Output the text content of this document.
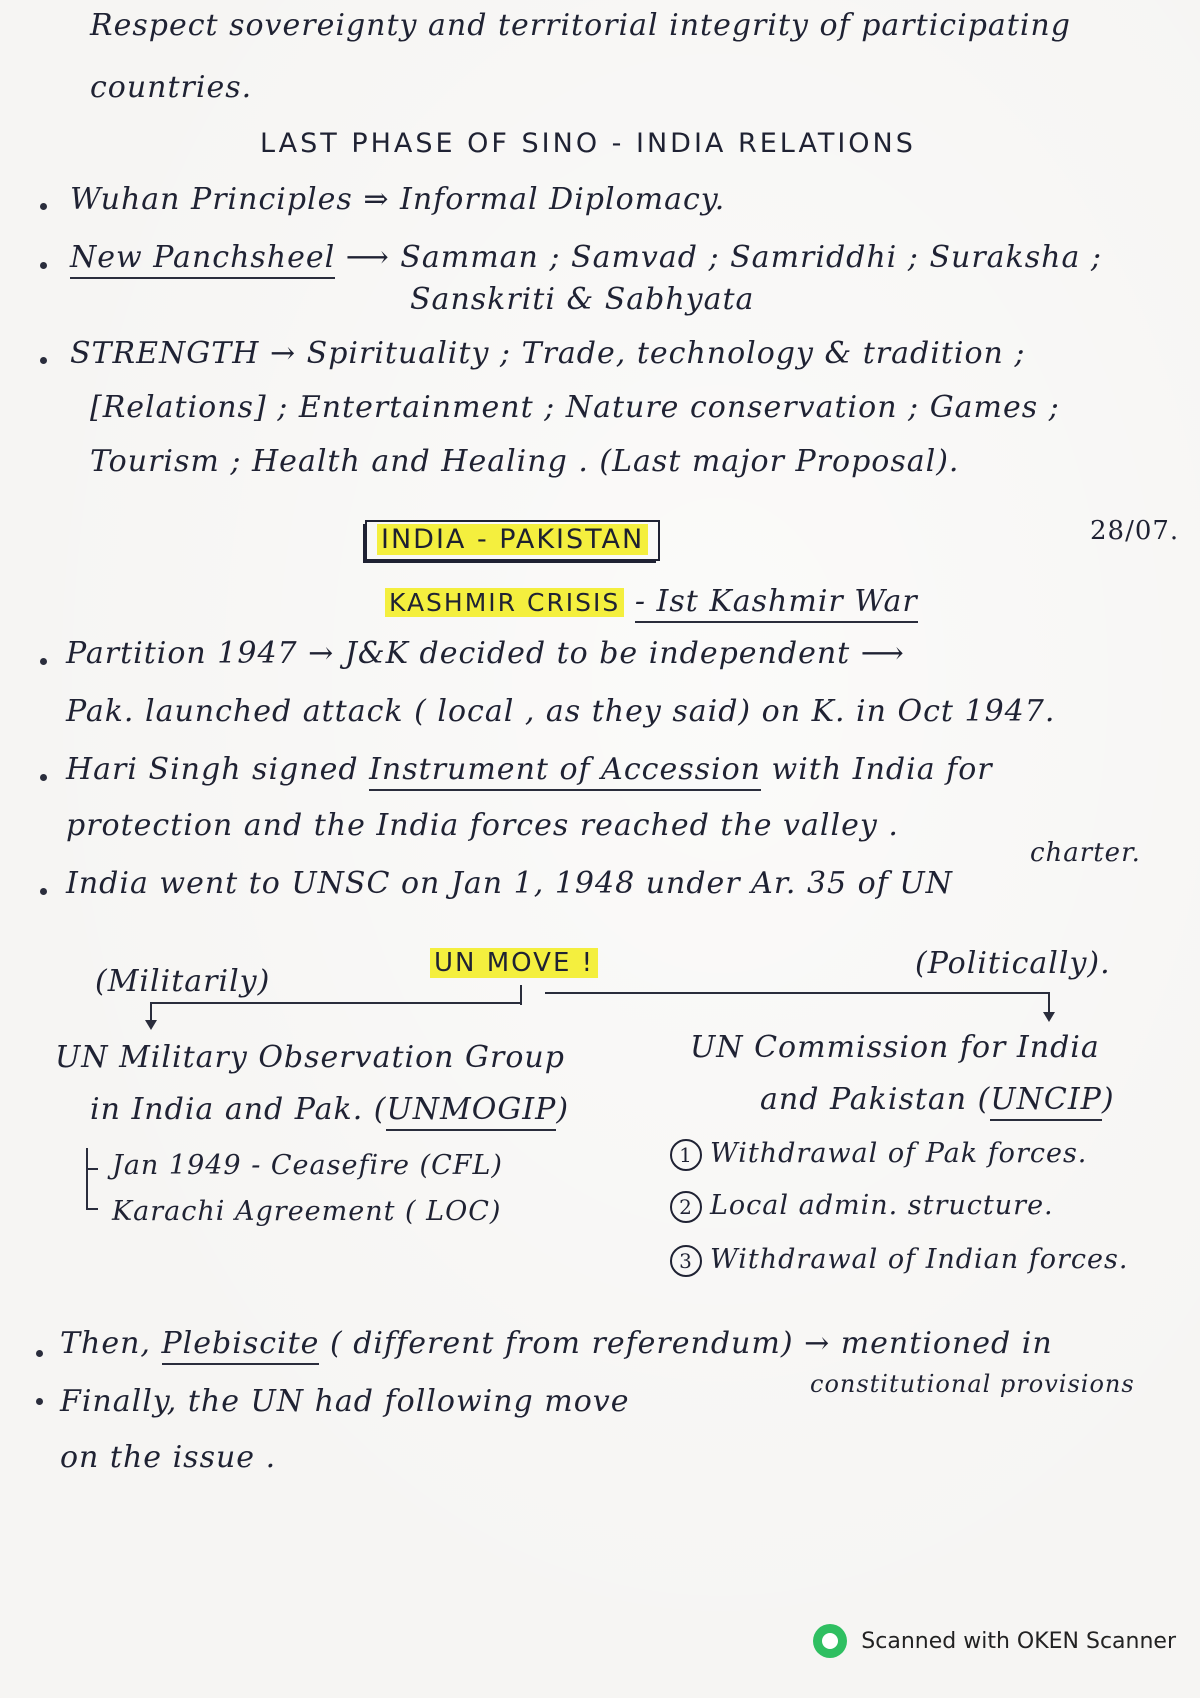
Respect sovereignty and territorial integrity of participating
countries.
LAST PHASE OF SINO - INDIA RELATIONS
Wuhan Principles ⇒ Informal Diplomacy.
New Panchsheel ⟶ Samman ; Samvad ; Samriddhi ; Suraksha ;
Sanskriti & Sabhyata
STRENGTH → Spirituality ; Trade, technology & tradition ;
[Relations] ; Entertainment ; Nature conservation ; Games ;
Tourism ; Health and Healing . (Last major Proposal).
INDIA - PAKISTAN	28/07.
KASHMIR CRISIS - Ist Kashmir War
Partition 1947 → J&K decided to be independent ⟶
Pak. launched attack ( local , as they said) on K. in Oct 1947.
Hari Singh signed Instrument of Accession with India for
protection and the India forces reached the valley .
charter.
India went to UNSC on Jan 1, 1948 under Ar. 35 of UN
UN MOVE !
(Militarily)
(Politically).
UN Military Observation Group
in India and Pak. (UNMOGIP)
Jan 1949 - Ceasefire (CFL)
Karachi Agreement ( LOC)
UN Commission for India
and Pakistan (UNCIP)
1 Withdrawal of Pak forces.
2 Local admin. structure.
3 Withdrawal of Indian forces.
Then, Plebiscite ( different from referendum) → mentioned in
constitutional provisions
Finally, the UN had following move
on the issue .
Scanned with OKEN Scanner
